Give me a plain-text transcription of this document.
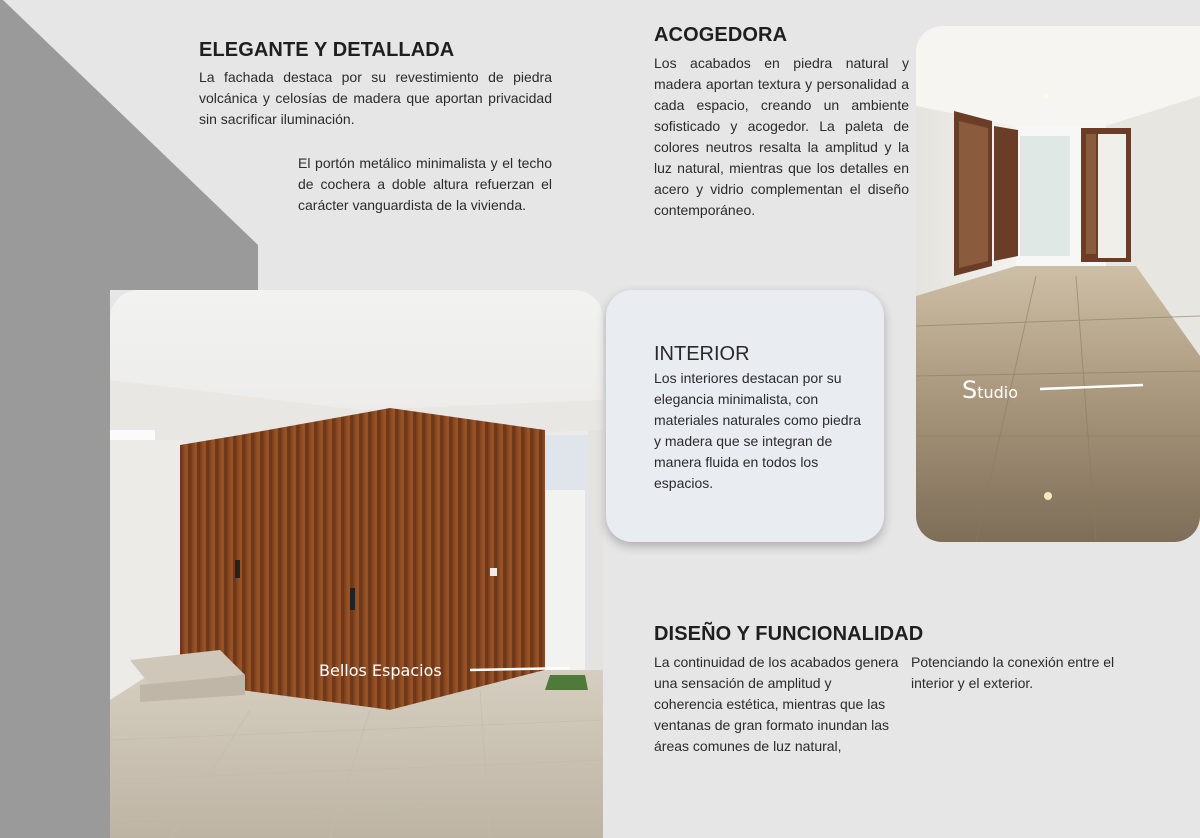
ELEGANTE Y DETALLADA

La fachada destaca por su revestimiento de piedra volcánica y celosías de madera que aportan privacidad sin sacrificar iluminación.

El portón metálico minimalista y el techo de cochera a doble altura refuerzan el carácter vanguardista de la vivienda.

ACOGEDORA

Los acabados en piedra natural y madera aportan textura y personalidad a cada espacio, creando un ambiente sofisticado y acogedor. La paleta de colores neutros resalta la amplitud y la luz natural, mientras que los detalles en acero y vidrio complementan el diseño contemporáneo.

Bellos Espacios
INTERIOR

Los interiores destacan por su elegancia minimalista, con materiales naturales como piedra y madera que se integran de manera fluida en todos los espacios.

Studio
DISEÑO Y FUNCIONALIDAD

La continuidad de los acabados genera una sensación de amplitud y coherencia estética, mientras que las ventanas de gran formato inundan las áreas comunes de luz natural,

Potenciando la conexión entre el interior y el exterior.
